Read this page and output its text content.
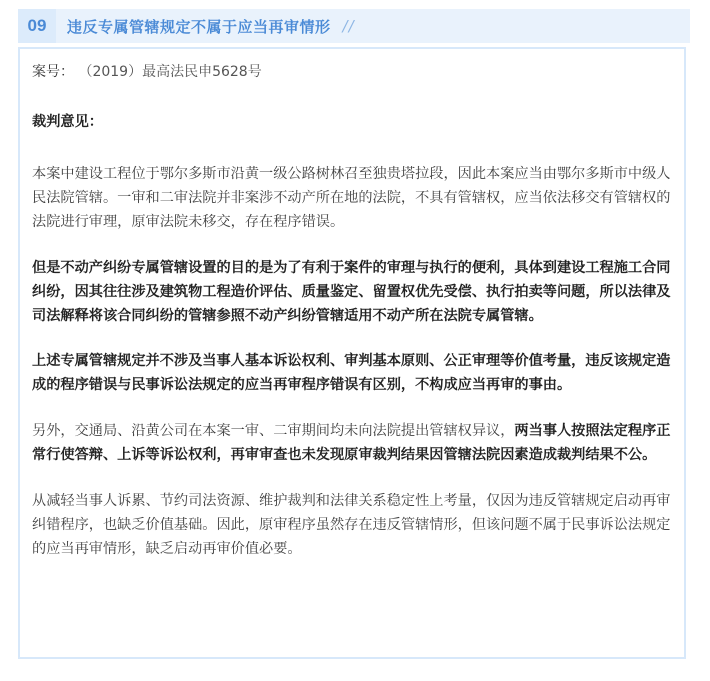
09	违反专属管辖规定不属于应当再审情形 //
案号： （2019）最高法民申5628号

裁判意见：

本案中建设工程位于鄂尔多斯市沿黄一级公路树林召至独贵塔拉段，因此本案应当由鄂尔多斯市中级人民法院管辖。一审和二审法院并非案涉不动产所在地的法院，不具有管辖权，应当依法移交有管辖权的法院进行审理，原审法院未移交，存在程序错误。

但是不动产纠纷专属管辖设置的目的是为了有利于案件的审理与执行的便利，具体到建设工程施工合同纠纷，因其往往涉及建筑物工程造价评估、质量鉴定、留置权优先受偿、执行拍卖等问题，所以法律及司法解释将该合同纠纷的管辖参照不动产纠纷管辖适用不动产所在法院专属管辖。

上述专属管辖规定并不涉及当事人基本诉讼权利、审判基本原则、公正审理等价值考量，违反该规定造成的程序错误与民事诉讼法规定的应当再审程序错误有区别，不构成应当再审的事由。

另外，交通局、沿黄公司在本案一审、二审期间均未向法院提出管辖权异议，两当事人按照法定程序正常行使答辩、上诉等诉讼权利，再审审查也未发现原审裁判结果因管辖法院因素造成裁判结果不公。

从减轻当事人诉累、节约司法资源、维护裁判和法律关系稳定性上考量，仅因为违反管辖规定启动再审纠错程序，也缺乏价值基础。因此，原审程序虽然存在违反管辖情形，但该问题不属于民事诉讼法规定的应当再审情形，缺乏启动再审价值必要。
